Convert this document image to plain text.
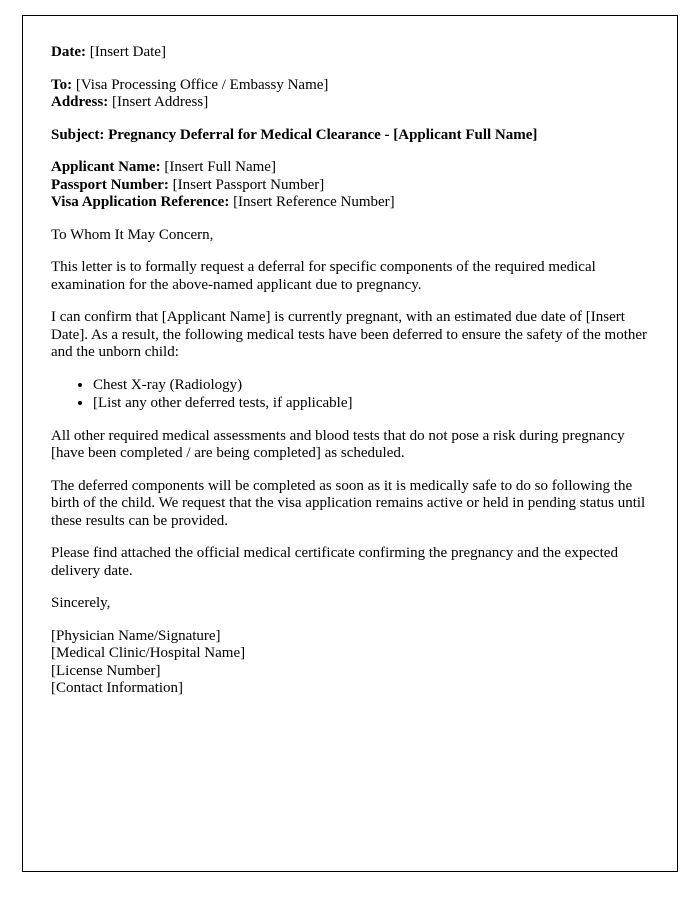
Date: [Insert Date]

To: [Visa Processing Office / Embassy Name]

Address: [Insert Address]

Subject: Pregnancy Deferral for Medical Clearance - [Applicant Full Name]

Applicant Name: [Insert Full Name]

Passport Number: [Insert Passport Number]

Visa Application Reference: [Insert Reference Number]

To Whom It May Concern,

This letter is to formally request a deferral for specific components of the required medical examination for the above-named applicant due to pregnancy.

I can confirm that [Applicant Name] is currently pregnant, with an estimated due date of [Insert Date]. As a result, the following medical tests have been deferred to ensure the safety of the mother and the unborn child:

• Chest X-ray (Radiology)
• [List any other deferred tests, if applicable]

All other required medical assessments and blood tests that do not pose a risk during pregnancy [have been completed / are being completed] as scheduled.

The deferred components will be completed as soon as it is medically safe to do so following the birth of the child. We request that the visa application remains active or held in pending status until these results can be provided.

Please find attached the official medical certificate confirming the pregnancy and the expected delivery date.

Sincerely,

[Physician Name/Signature]

[Medical Clinic/Hospital Name]

[License Number]

[Contact Information]
